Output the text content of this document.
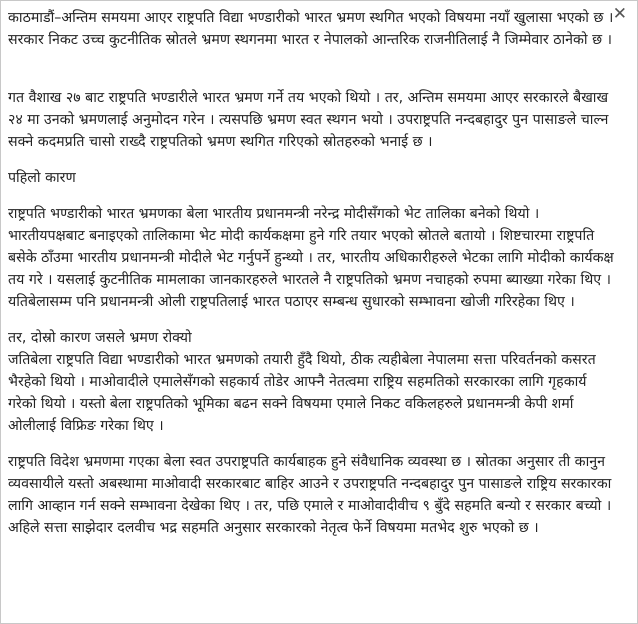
✕

काठमाडौं–अन्तिम समयमा आएर राष्ट्रपति विद्या भण्डारीको भारत भ्रमण स्थगित भएको विषयमा नयाँ खुलासा भएको छ । सरकार निकट उच्च कुटनीतिक स्रोतले भ्रमण स्थगनमा भारत र नेपालको आन्तरिक राजनीतिलाई नै जिम्मेवार ठानेको छ ।

गत वैशाख २७ बाट राष्ट्रपति भण्डारीले भारत भ्रमण गर्ने तय भएको थियो । तर, अन्तिम समयमा आएर सरकारले बैखाख २४ मा उनको भ्रमणलाई अनुमोदन गरेन । त्यसपछि भ्रमण स्वत स्थगन भयो । उपराष्ट्रपति नन्दबहादुर पुन पासाङले चाल्न सक्ने कदमप्रति चासो राख्दै राष्ट्रपतिको भ्रमण स्थगित गरिएको स्रोतहरुको भनाई छ ।

पहिलो कारण

राष्ट्रपति भण्डारीको भारत भ्रमणका बेला भारतीय प्रधानमन्त्री नरेन्द्र मोदीसँगको भेट तालिका बनेको थियो । भारतीयपक्षबाट बनाइएको तालिकामा भेट मोदी कार्यकक्षमा हुने गरि तयार भएको स्रोतले बतायो । शिष्टचारमा राष्ट्रपति बसेके ठाँउमा भारतीय प्रधानमन्त्री मोदीले भेट गर्नुपर्ने हुन्थ्यो । तर, भारतीय अधिकारीहरुले भेटका लागि मोदीको कार्यकक्ष तय गरे । यसलाई कुटनीतिक मामलाका जानकारहरुले भारतले नै राष्ट्रपतिको भ्रमण नचाहको रुपमा ब्याख्या गरेका थिए । यतिबेलासम्म पनि प्रधानमन्त्री ओली राष्ट्रपतिलाई भारत पठाएर सम्बन्ध सुधारको सम्भावना खोजी गरिरहेका थिए ।

तर, दोस्रो कारण जसले भ्रमण रोक्यो

जतिबेला राष्ट्रपति विद्या भण्डारीको भारत भ्रमणको तयारी हुँदै थियो, ठीक त्यहीबेला नेपालमा सत्ता परिवर्तनको कसरत भैरहेको थियो । माओवादीले एमालेसँगको सहकार्य तोडेर आफ्नै नेतत्वमा राष्ट्रिय सहमतिको सरकारका लागि गृहकार्य गरेको थियो । यस्तो बेला राष्ट्रपतिको भूमिका बढन सक्ने विषयमा एमाले निकट वकिलहरुले प्रधानमन्त्री केपी शर्मा ओलीलाई विफ्रिङ गरेका थिए ।

राष्ट्रपति विदेश भ्रमणमा गएका बेला स्वत उपराष्ट्रपति कार्यबाहक हुने संवैधानिक व्यवस्था छ । स्रोतका अनुसार ती कानुन व्यवसायीले यस्तो अबस्थामा माओवादी सरकारबाट बाहिर आउने र उपराष्ट्रपति नन्दबहादुर पुन पासाङले राष्ट्रिय सरकारका लागि आव्हान गर्न सक्ने सम्भावना देखेका थिए । तर, पछि एमाले र माओवादीवीच ९ बुँदे सहमति बन्यो र सरकार बच्यो । अहिले सत्ता साझेदार दलवीच भद्र सहमति अनुसार सरकारको नेतृत्व फेर्ने विषयमा मतभेद शुरु भएको छ ।
